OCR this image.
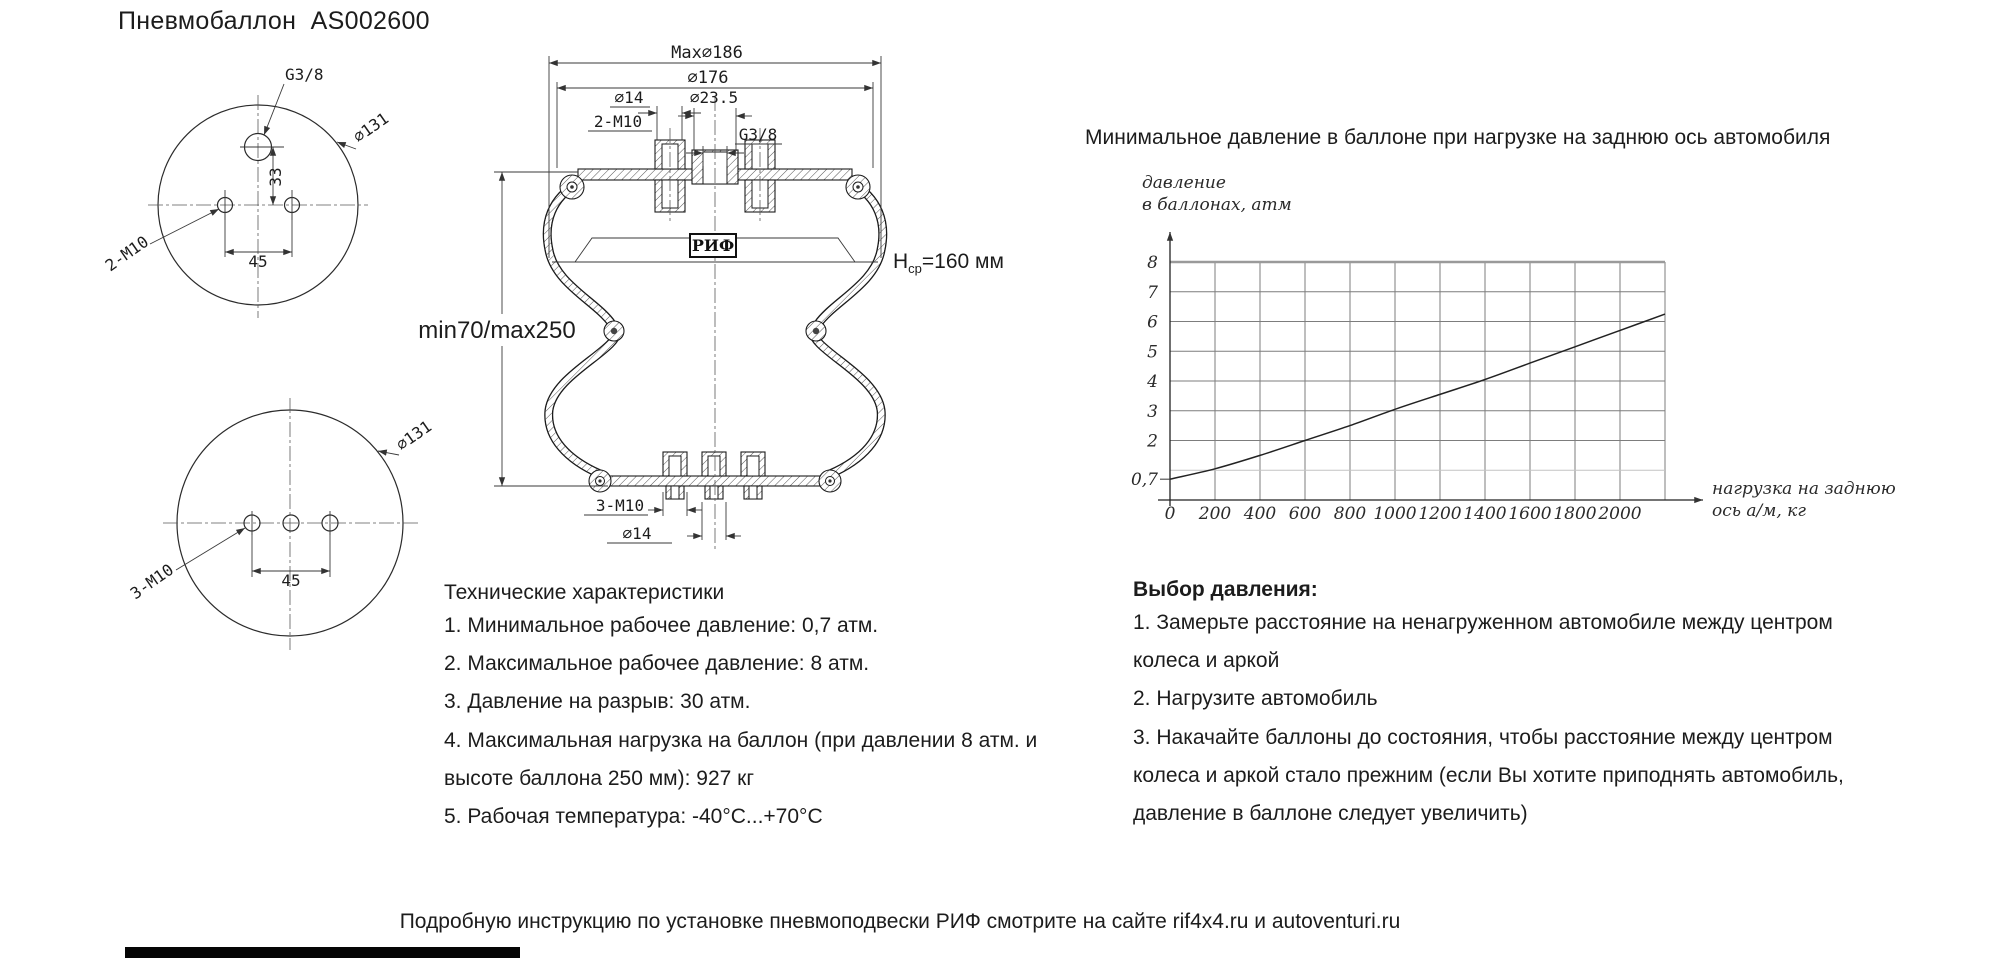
Пневмобаллон  AS002600
33
45
G3/8
⌀131
2-M10
45
3-M10
⌀131
РИФ
Max⌀186
⌀176
⌀14	⌀23.5
2-M10
G3/8
min70/max250
3-M10
⌀14
0 200 400 600 800 1000 1200 1400 1600 1800 2000
8
7
6
5
4
3
2
0,7
давление
в баллонах, атм
нагрузка на заднюю
ось а/м, кг
$H_{ср}=160$ мм
Минимальное давление в баллоне при нагрузке на заднюю ось автомобиля
Технические характеристики
1. Минимальное рабочее давление: 0,7 атм.
2. Максимальное рабочее давление: 8 атм.
3. Давление на разрыв: 30 атм.
4. Максимальная нагрузка на баллон (при давлении 8 атм. и
высоте баллона 250 мм): 927 кг
5. Рабочая температура: -40°C...+70°C
Выбор давления:
1. Замерьте расстояние на ненагруженном автомобиле между центром
колеса и аркой
2. Нагрузите автомобиль
3. Накачайте баллоны до состояния, чтобы расстояние между центром
колеса и аркой стало прежним (если Вы хотите приподнять автомобиль,
давление в баллоне следует увеличить)
Подробную инструкцию по установке пневмоподвески РИФ смотрите на сайте rif4x4.ru и autoventuri.ru
